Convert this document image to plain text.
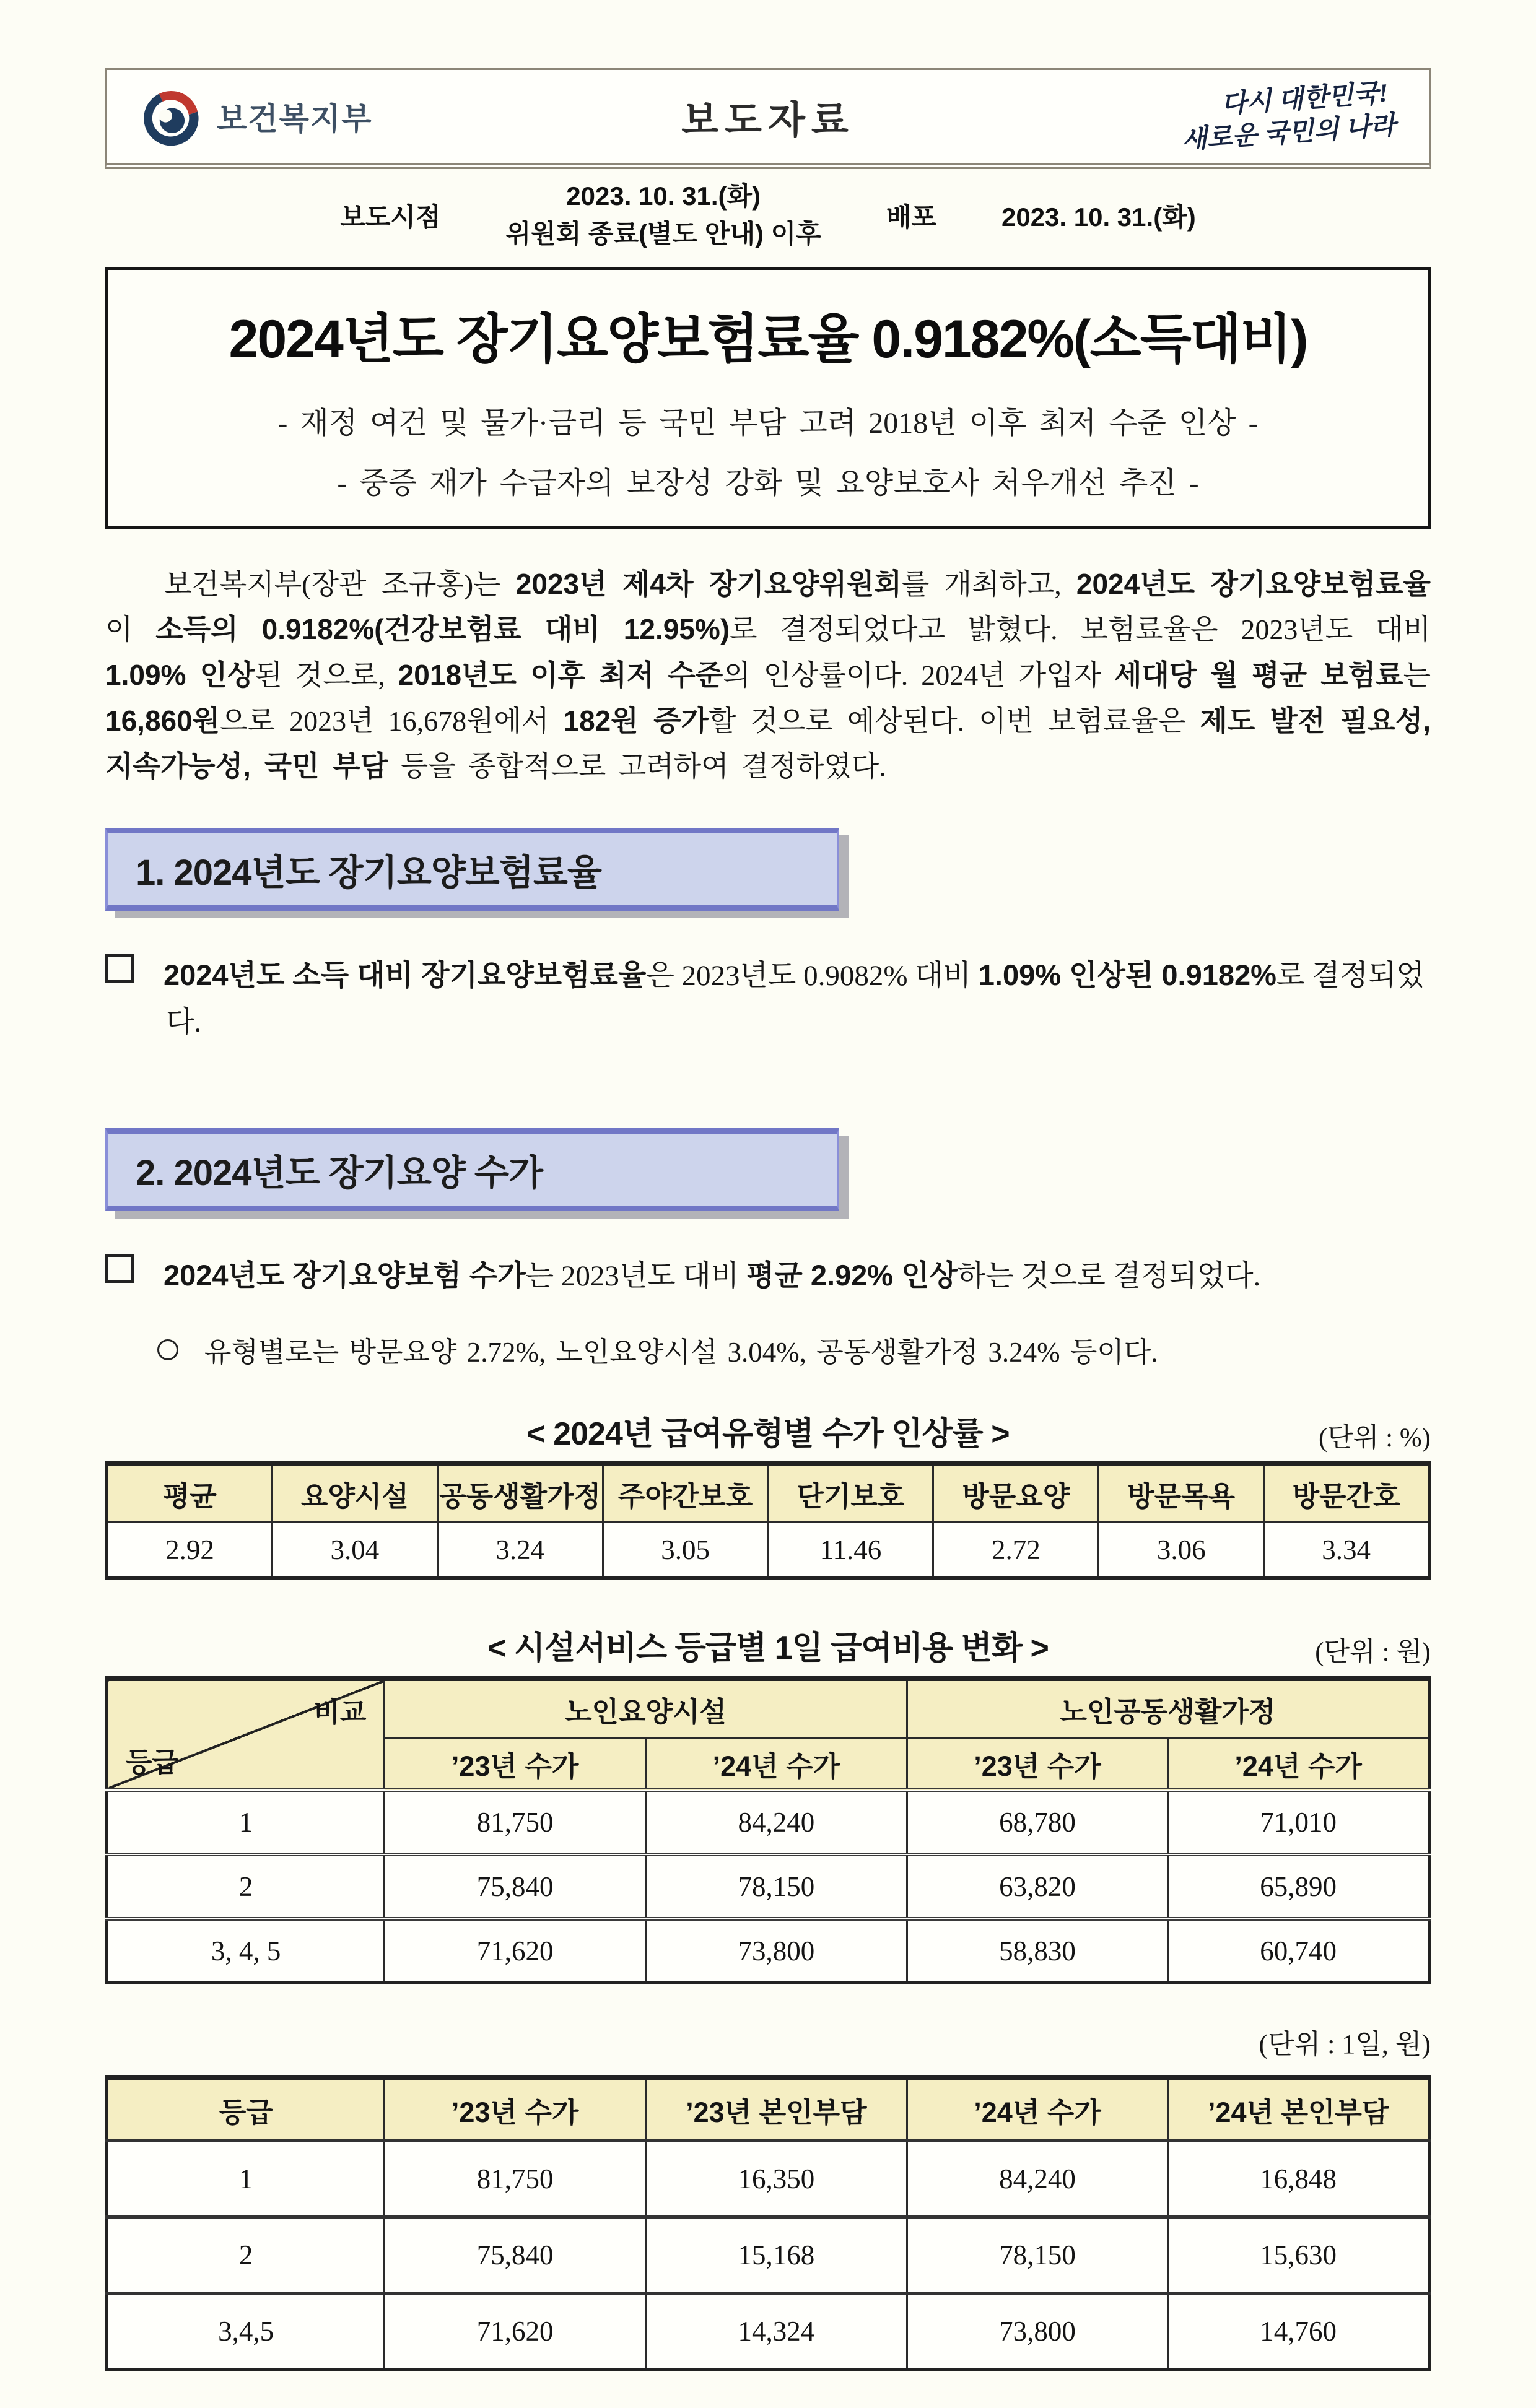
보건복지부	보도자료
다시 대한민국!
새로운 국민의 나라
보도시점
2023. 10. 31.(화)
위원회 종료(별도 안내) 이후
배포	2023. 10. 31.(화)
2024년도 장기요양보험료율 0.9182%(소득대비)
- 재정 여건 및 물가·금리 등 국민 부담 고려 2018년 이후 최저 수준 인상 -
- 중증 재가 수급자의 보장성 강화 및 요양보호사 처우개선 추진 -

보건복지부(장관 조규홍)는 2023년 제4차 장기요양위원회를 개최하고, 2024년도 장기요양보험료율이 소득의 0.9182%(건강보험료 대비 12.95%)로 결정되었다고 밝혔다. 보험료율은 2023년도 대비 1.09% 인상된 것으로, 2018년도 이후 최저 수준의 인상률이다. 2024년 가입자 세대당 월 평균 보험료는 16,860원으로 2023년 16,678원에서 182원 증가할 것으로 예상된다. 이번 보험료율은 제도 발전 필요성, 지속가능성, 국민 부담 등을 종합적으로 고려하여 결정하였다.

1. 2024년도 장기요양보험료율
2024년도 소득 대비 장기요양보험료율은 2023년도 0.9082% 대비 1.09% 인상된 0.9182%로 결정되었다.
2. 2024년도 장기요양 수가
2024년도 장기요양보험 수가는 2023년도 대비 평균 2.92% 인상하는 것으로 결정되었다.
유형별로는 방문요양 2.72%, 노인요양시설 3.04%, 공동생활가정 3.24% 등이다.
< 2024년 급여유형별 수가 인상률 >	(단위 : %)
평균	요양시설	공동생활가정	주야간보호	단기보호	방문요양	방문목욕	방문간호
2.92	3.04	3.24	3.05	11.46	2.72	3.06	3.34
< 시설서비스 등급별 1일 급여비용 변화 >	(단위 : 원)
비교
등급	노인요양시설		노인공동생활가정	
	’23년 수가	’24년 수가	’23년 수가	’24년 수가
1	81,750	84,240	68,780	71,010
2	75,840	78,150	63,820	65,890
3, 4, 5	71,620	73,800	58,830	60,740
(단위 : 1일, 원)
등급	’23년 수가	’23년 본인부담	’24년 수가	’24년 본인부담
1	81,750	16,350	84,240	16,848
2	75,840	15,168	78,150	15,630
3,4,5	71,620	14,324	73,800	14,760
